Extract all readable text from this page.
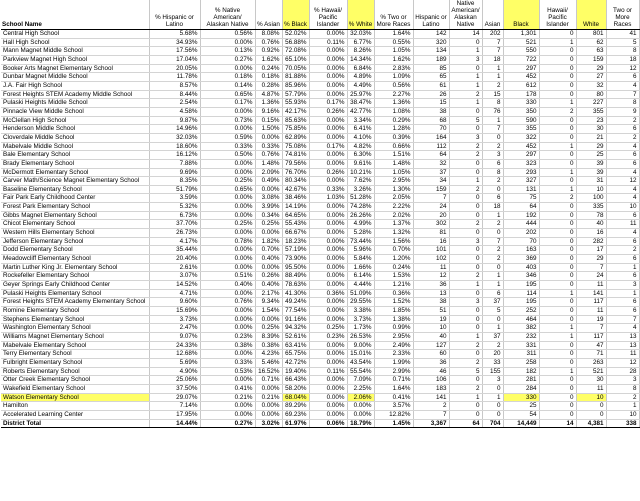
School Name	% Hispanic or Latino	% Native American/ Alaskan Native	% Asian	% Black	% Hawaii/ Pacific Islander	% White	% Two or More Races	Hispanic or Latino	Native American/ Alaskan Native	Asian	Black	Hawaii/ Pacific Islander	White	Two or More Races
Central High School	5.68%	0.56%	8.08%	52.02%	0.00%	32.03%	1.64%	142	14	202	1,301	0	801	41
Hall High School	34.93%	0.00%	0.76%	56.88%	0.11%	6.77%	0.55%	320	0	7	521	1	62	5
Mann Magnet Middle School	17.56%	0.13%	0.92%	72.08%	0.00%	8.26%	1.05%	134	1	7	550	0	63	8
Parkview Magnet High School	17.04%	0.27%	1.62%	65.10%	0.00%	14.34%	1.62%	189	3	18	722	0	159	18
Booker Arts Magnet Elementary School	20.05%	0.00%	0.24%	70.05%	0.00%	6.84%	2.83%	85	0	1	297	0	29	12
Dunbar Magnet Middle School	11.78%	0.18%	0.18%	81.88%	0.00%	4.89%	1.09%	65	1	1	452	0	27	6
J.A. Fair High School	8.57%	0.14%	0.28%	85.96%	0.00%	4.49%	0.56%	61	1	2	612	0	32	4
Forest Heights STEM Academy Middle School	8.44%	0.65%	4.87%	57.79%	0.00%	25.97%	2.27%	26	2	15	178	0	80	7
Pulaski Heights Middle School	2.54%	0.17%	1.36%	55.93%	0.17%	38.47%	1.36%	15	1	8	330	1	227	8
Pinnacle View Middle School	4.58%	0.00%	9.16%	42.17%	0.26%	42.77%	1.08%	38	0	76	350	2	355	9
McClellan High School	9.87%	0.73%	0.15%	85.63%	0.00%	3.34%	0.29%	68	5	1	590	0	23	2
Henderson Middle School	14.96%	0.00%	1.50%	75.85%	0.00%	6.41%	1.28%	70	0	7	355	0	30	6
Cloverdale Middle School	32.03%	0.59%	0.00%	62.89%	0.00%	4.10%	0.39%	164	3	0	322	0	21	2
Mabelvale Middle School	18.60%	0.33%	0.33%	75.08%	0.17%	4.82%	0.66%	112	2	2	452	1	29	4
Bale Elementary School	16.12%	0.50%	0.76%	74.81%	0.00%	6.30%	1.51%	64	2	3	297	0	25	6
Brady Elementary School	7.88%	0.00%	1.48%	79.56%	0.00%	9.61%	1.48%	32	0	6	323	0	39	6
McDermott Elementary School	9.69%	0.00%	2.09%	76.70%	0.26%	10.21%	1.05%	37	0	8	293	1	39	4
Carver Math/Science Magnet Elementary School	8.35%	0.25%	0.49%	80.34%	0.00%	7.62%	2.95%	34	1	2	327	0	31	12
Baseline Elementary School	51.79%	0.65%	0.00%	42.67%	0.33%	3.26%	1.30%	159	2	0	131	1	10	4
Fair Park Early Childhood Center	3.59%	0.00%	3.08%	38.46%	1.03%	51.28%	2.05%	7	0	6	75	2	100	4
Forest Park Elementary School	5.32%	0.00%	3.99%	14.19%	0.00%	74.28%	2.22%	24	0	18	64	0	335	10
Gibbs Magnet Elementary School	6.73%	0.00%	0.34%	64.65%	0.00%	26.26%	2.02%	20	0	1	192	0	78	6
Chicot Elementary School	37.70%	0.25%	0.25%	55.43%	0.00%	4.99%	1.37%	302	2	2	444	0	40	11
Western Hills Elementary School	26.73%	0.00%	0.00%	66.67%	0.00%	5.28%	1.32%	81	0	0	202	0	16	4
Jefferson Elementary School	4.17%	0.78%	1.82%	18.23%	0.00%	73.44%	1.56%	16	3	7	70	0	282	6
Dodd Elementary School	35.44%	0.00%	0.70%	57.19%	0.00%	5.96%	0.70%	101	0	2	163	0	17	2
Meadowcliff Elementary School	20.40%	0.00%	0.40%	73.90%	0.00%	5.84%	1.20%	102	0	2	369	0	29	6
Martin Luther King Jr. Elementary School	2.61%	0.00%	0.00%	95.50%	0.00%	1.66%	0.24%	11	0	0	403	0	7	1
Rockefeller Elementary School	3.07%	0.51%	0.26%	88.49%	0.00%	6.14%	1.53%	12	2	1	346	0	24	6
Geyer Springs Early Childhood Center	14.52%	0.40%	0.40%	78.63%	0.00%	4.44%	1.21%	36	1	1	195	0	11	3
Pulaski Heights Elementary School	4.71%	0.00%	2.17%	41.30%	0.36%	51.09%	0.36%	13	0	6	114	1	141	1
Forest Heights STEM Academy Elementary School	9.60%	0.76%	9.34%	49.24%	0.00%	29.55%	1.52%	38	3	37	195	0	117	6
Romine Elementary School	15.69%	0.00%	1.54%	77.54%	0.00%	3.38%	1.85%	51	0	5	252	0	11	6
Stephens Elementary School	3.73%	0.00%	0.00%	91.16%	0.00%	3.73%	1.38%	19	0	0	464	0	19	7
Washington Elementary School	2.47%	0.00%	0.25%	94.32%	0.25%	1.73%	0.99%	10	0	1	382	1	7	4
Williams Magnet Elementary School	9.07%	0.23%	8.39%	52.61%	0.23%	26.53%	2.95%	40	1	37	232	1	117	13
Mabelvale Elementary School	24.33%	0.38%	0.38%	63.41%	0.00%	9.00%	2.49%	127	2	2	331	0	47	13
Terry Elementary School	12.68%	0.00%	4.23%	65.75%	0.00%	15.01%	2.33%	60	0	20	311	0	71	11
Fulbright Elementary School	5.69%	0.33%	5.46%	42.72%	0.00%	43.54%	1.99%	36	2	33	258	0	263	12
Roberts Elementary School	4.90%	0.53%	16.52%	19.40%	0.11%	55.54%	2.99%	46	5	155	182	1	521	28
Otter Creek Elementary School	25.06%	0.00%	0.71%	66.43%	0.00%	7.09%	0.71%	106	0	3	281	0	30	3
Wakefield Elementary School	37.50%	0.41%	0.00%	58.20%	0.00%	2.25%	1.64%	183	2	0	284	0	11	8
Watson Elementary School	29.07%	0.21%	0.21%	68.04%	0.00%	2.06%	0.41%	141	1	1	330	0	10	2
Hamilton	7.14%	0.00%	0.00%	89.29%	0.00%	0.00%	3.57%	2	0	0	25	0	0	1
Accelerated Learning Center	17.95%	0.00%	0.00%	69.23%	0.00%	0.00%	12.82%	7	0	0	54	0	0	10
District Total	14.44%	0.27%	3.02%	61.97%	0.06%	18.79%	1.45%	3,367	64	704	14,449	14	4,381	338
